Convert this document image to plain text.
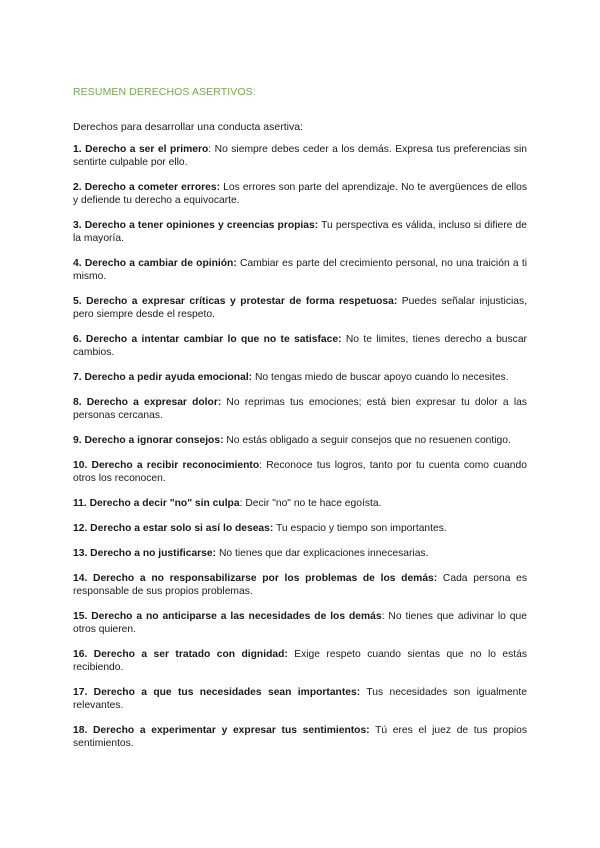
RESUMEN DERECHOS ASERTIVOS:
Derechos para desarrollar una conducta asertiva:

1. Derecho a ser el primero: No siempre debes ceder a los demás. Expresa tus preferencias sin sentirte culpable por ello.

2. Derecho a cometer errores: Los errores son parte del aprendizaje. No te avergüences de ellos y defiende tu derecho a equivocarte.

3. Derecho a tener opiniones y creencias propias: Tu perspectiva es válida, incluso si difiere de la mayoría.

4. Derecho a cambiar de opinión: Cambiar es parte del crecimiento personal, no una traición a ti mismo.

5. Derecho a expresar críticas y protestar de forma respetuosa: Puedes señalar injusticias, pero siempre desde el respeto.

6. Derecho a intentar cambiar lo que no te satisface: No te limites, tienes derecho a buscar cambios.

7. Derecho a pedir ayuda emocional: No tengas miedo de buscar apoyo cuando lo necesites.

8. Derecho a expresar dolor: No reprimas tus emociones; está bien expresar tu dolor a las personas cercanas.

9. Derecho a ignorar consejos: No estás obligado a seguir consejos que no resuenen contigo.

10. Derecho a recibir reconocimiento: Reconoce tus logros, tanto por tu cuenta como cuando otros los reconocen.

11. Derecho a decir "no" sin culpa: Decir "no" no te hace egoísta.

12. Derecho a estar solo si así lo deseas: Tu espacio y tiempo son importantes.

13. Derecho a no justificarse: No tienes que dar explicaciones innecesarias.

14. Derecho a no responsabilizarse por los problemas de los demás: Cada persona es responsable de sus propios problemas.

15. Derecho a no anticiparse a las necesidades de los demás: No tienes que adivinar lo que otros quieren.

16. Derecho a ser tratado con dignidad: Exige respeto cuando sientas que no lo estás recibiendo.

17. Derecho a que tus necesidades sean importantes: Tus necesidades son igualmente relevantes.

18. Derecho a experimentar y expresar tus sentimientos: Tú eres el juez de tus propios sentimientos.
